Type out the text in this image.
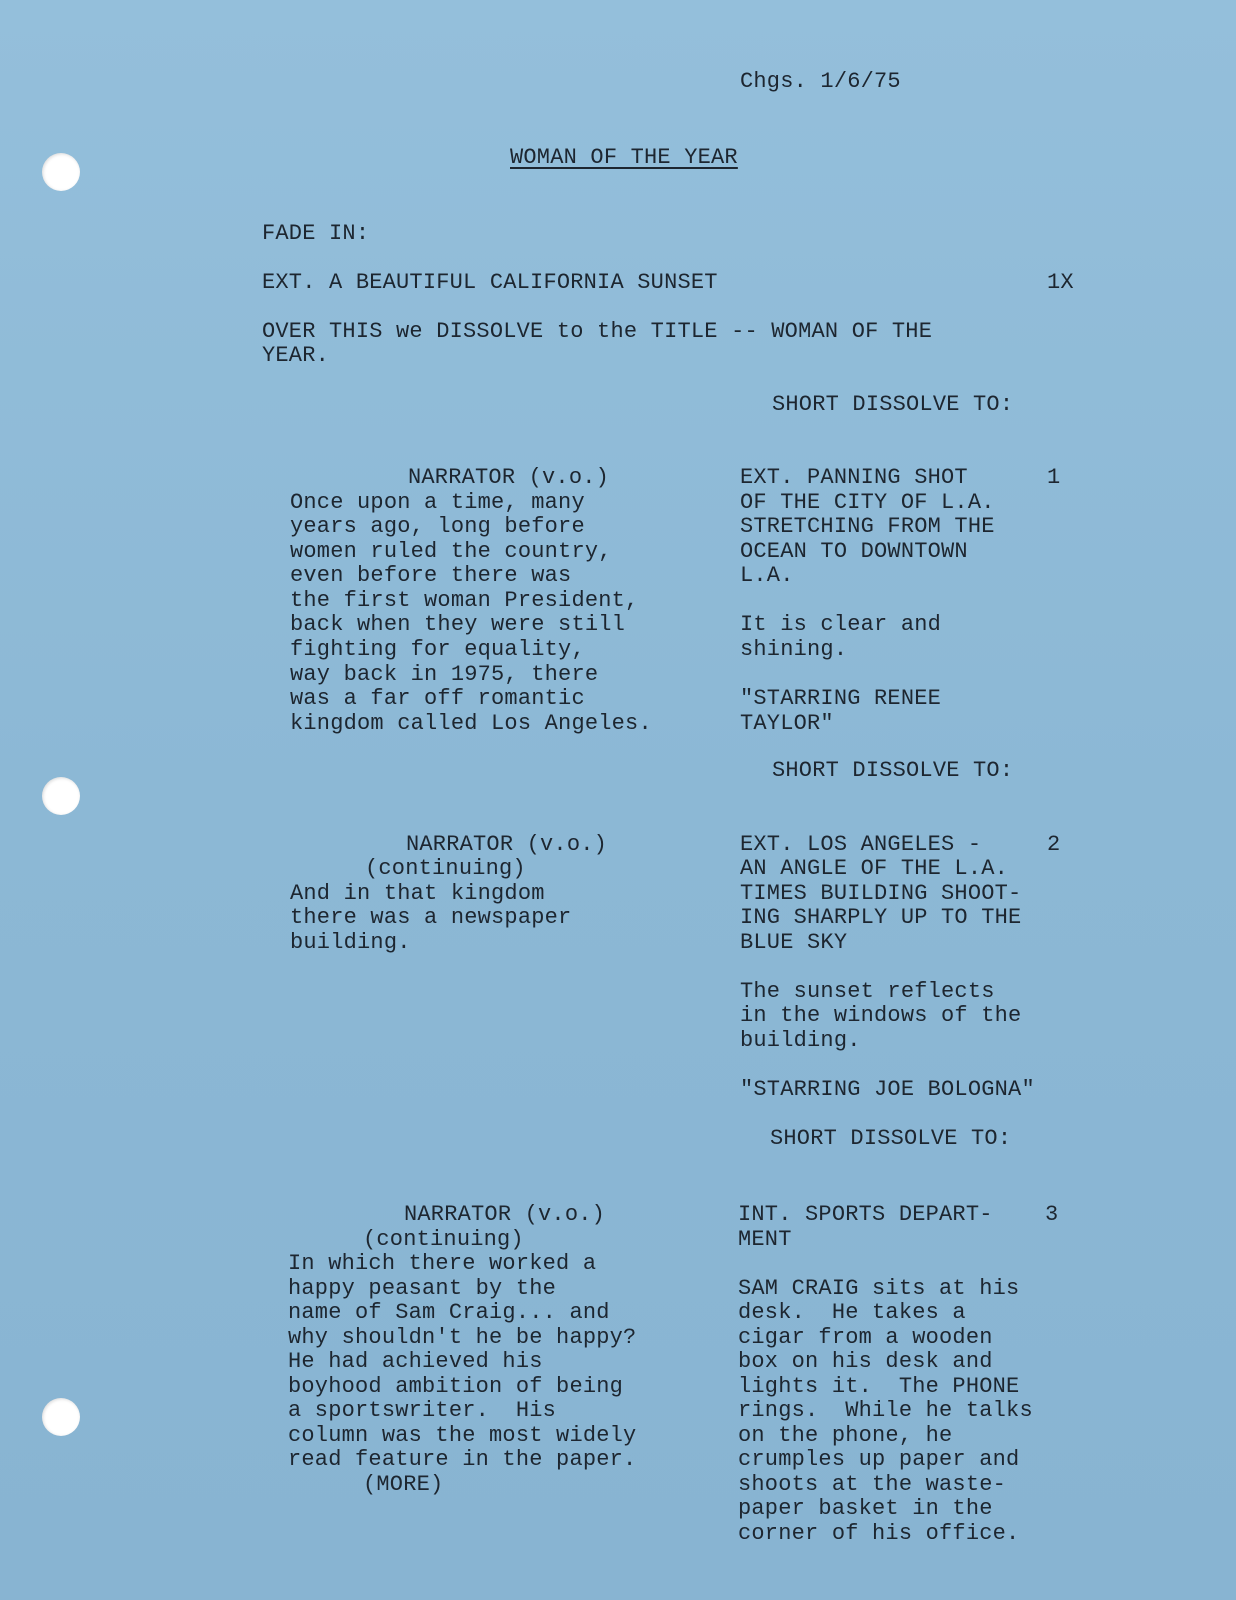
Chgs. 1/6/75
WOMAN OF THE YEAR
FADE IN:
EXT. A BEAUTIFUL CALIFORNIA SUNSET	1X
OVER THIS we DISSOLVE to the TITLE -- WOMAN OF THE
YEAR.
SHORT DISSOLVE TO:
NARRATOR (v.o.)
Once upon a time, many
years ago, long before
women ruled the country,
even before there was
the first woman President,
back when they were still
fighting for equality,
way back in 1975, there
was a far off romantic
kingdom called Los Angeles.
EXT. PANNING SHOT	1
OF THE CITY OF L.A.
STRETCHING FROM THE
OCEAN TO DOWNTOWN
L.A.
It is clear and
shining.
"STARRING RENEE
TAYLOR"
SHORT DISSOLVE TO:
NARRATOR (v.o.)
(continuing)
And in that kingdom
there was a newspaper
building.
EXT. LOS ANGELES -	2
AN ANGLE OF THE L.A.
TIMES BUILDING SHOOT-
ING SHARPLY UP TO THE
BLUE SKY
The sunset reflects
in the windows of the
building.
"STARRING JOE BOLOGNA"
SHORT DISSOLVE TO:
NARRATOR (v.o.)
(continuing)
In which there worked a
happy peasant by the
name of Sam Craig... and
why shouldn't he be happy?
He had achieved his
boyhood ambition of being
a sportswriter.  His
column was the most widely
read feature in the paper.
(MORE)
INT. SPORTS DEPART- 3
MENT
SAM CRAIG sits at his
desk.  He takes a
cigar from a wooden
box on his desk and
lights it.  The PHONE
rings.  While he talks
on the phone, he
crumples up paper and
shoots at the waste-
paper basket in the
corner of his office.
